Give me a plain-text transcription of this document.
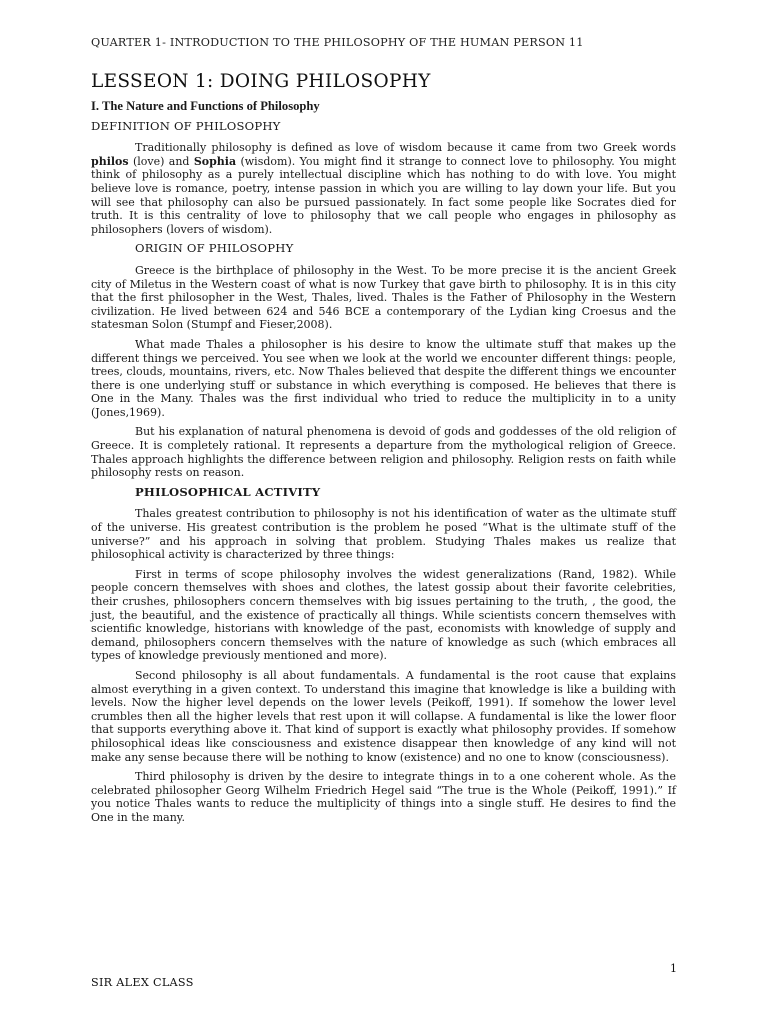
QUARTER 1- INTRODUCTION TO THE PHILOSOPHY OF THE HUMAN PERSON 11
LESSEON 1: DOING PHILOSOPHY
I. The Nature and Functions of Philosophy
DEFINITION OF PHILOSOPHY

Traditionally philosophy is defined as love of wisdom because it came from two Greek words philos (love) and Sophia (wisdom). You might find it strange to connect love to philosophy. You might think of philosophy as a purely intellectual discipline which has nothing to do with love. You might believe love is romance, poetry, intense passion in which you are willing to lay down your life. But you will see that philosophy can also be pursued passionately. In fact some people like Socrates died for truth. It is this centrality of love to philosophy that we call people who engages in philosophy as philosophers (lovers of wisdom).

ORIGIN OF PHILOSOPHY

Greece is the birthplace of philosophy in the West. To be more precise it is the ancient Greek city of Miletus in the Western coast of what is now Turkey that gave birth to philosophy. It is in this city that the first philosopher in the West, Thales, lived. Thales is the Father of Philosophy in the Western civilization. He lived between 624 and 546 BCE a contemporary of the Lydian king Croesus and the statesman Solon (Stumpf and Fieser,2008).

What made Thales a philosopher is his desire to know the ultimate stuff that makes up the different things we perceived. You see when we look at the world we encounter different things: people, trees, clouds, mountains, rivers, etc. Now Thales believed that despite the different things we encounter there is one underlying stuff or substance in which everything is composed. He believes that there is One in the Many. Thales was the first individual who tried to reduce the multiplicity in to a unity (Jones,1969).

But his explanation of natural phenomena is devoid of gods and goddesses of the old religion of Greece. It is completely rational. It represents a departure from the mythological religion of Greece. Thales approach highlights the difference between religion and philosophy. Religion rests on faith while philosophy rests on reason.

PHILOSOPHICAL ACTIVITY

Thales greatest contribution to philosophy is not his identification of water as the ultimate stuff of the universe. His greatest contribution is the problem he posed “What is the ultimate stuff of the universe?” and his approach in solving that problem. Studying Thales makes us realize that philosophical activity is characterized by three things:

First in terms of scope philosophy involves the widest generalizations (Rand, 1982). While people concern themselves with shoes and clothes, the latest gossip about their favorite celebrities, their crushes, philosophers concern themselves with big issues pertaining to the truth, , the good, the just, the beautiful, and the existence of practically all things. While scientists concern themselves with scientific knowledge, historians with knowledge of the past, economists with knowledge of supply and demand, philosophers concern themselves with the nature of knowledge as such (which embraces all types of knowledge previously mentioned and more).

Second philosophy is all about fundamentals. A fundamental is the root cause that explains almost everything in a given context. To understand this imagine that knowledge is like a building with levels. Now the higher level depends on the lower levels (Peikoff, 1991). If somehow the lower level crumbles then all the higher levels that rest upon it will collapse. A fundamental is like the lower floor that supports everything above it. That kind of support is exactly what philosophy provides. If somehow philosophical ideas like consciousness and existence disappear then knowledge of any kind will not make any sense because there will be nothing to know (existence) and no one to know (consciousness).

Third philosophy is driven by the desire to integrate things in to a one coherent whole. As the celebrated philosopher Georg Wilhelm Friedrich Hegel said “The true is the Whole (Peikoff, 1991).” If you notice Thales wants to reduce the multiplicity of things into a single stuff. He desires to find the One in the many.

1
SIR ALEX CLASS
